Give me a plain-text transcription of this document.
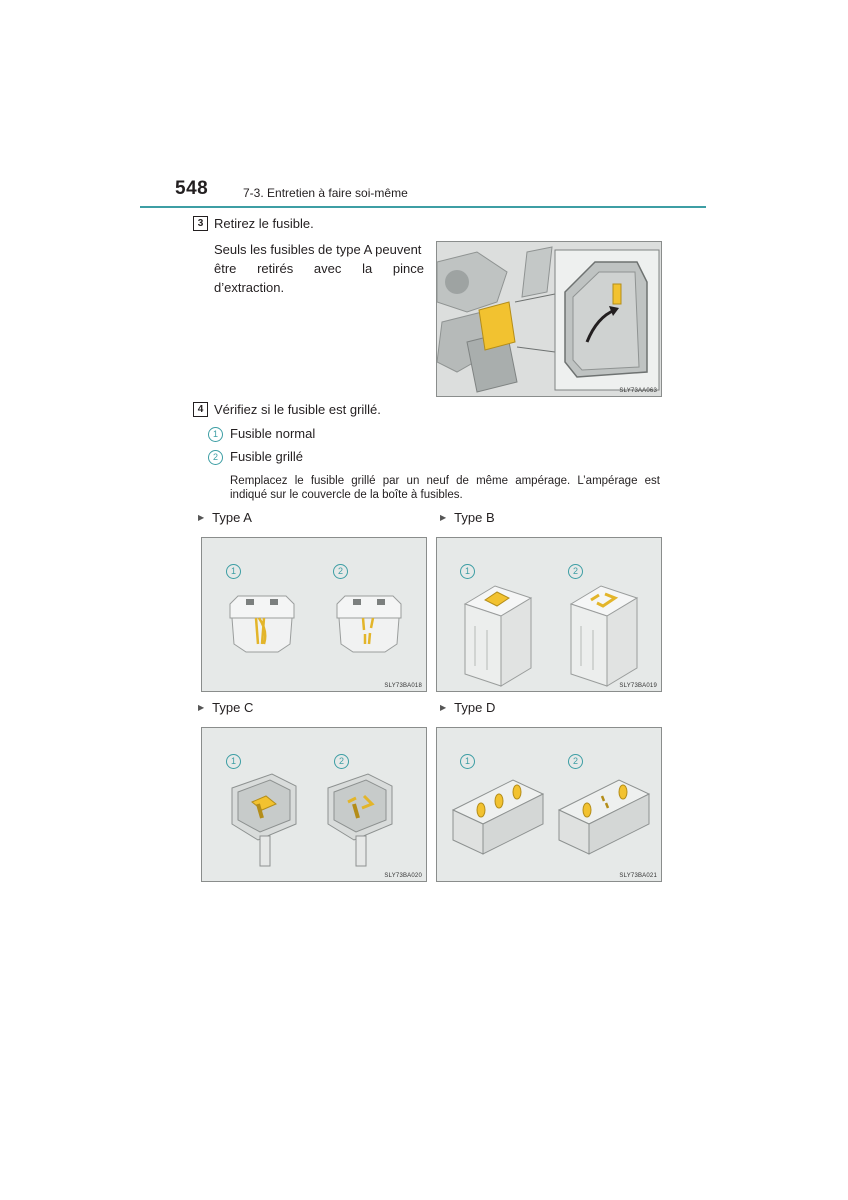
548	7-3. Entretien à faire soi-même
3 Retirez le fusible.
Seuls les fusibles de type A peuvent
être retirés avec la pince
d’extraction.
SLY73AA063
4 Vérifiez si le fusible est grillé.
1 Fusible normal
2 Fusible grillé
Remplacez le fusible grillé par un neuf de même ampérage. L’ampérage est
indiqué sur le couvercle de la boîte à fusibles.
▶ Type A	▶ Type B
▶ Type C	▶ Type D
1	2
SLY73BA018
1	2
SLY73BA019
1	2
SLY73BA020
1	2
SLY73BA021
